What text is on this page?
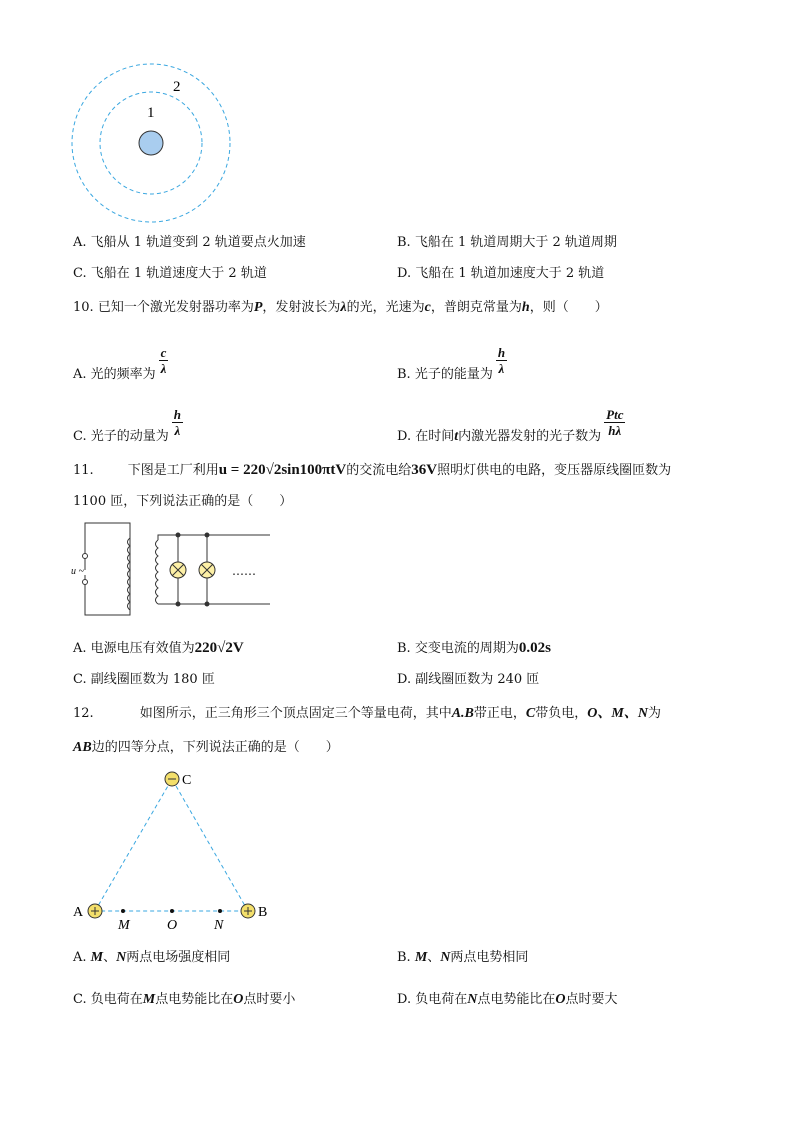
1
2
A. 飞船从 1 轨道变到 2 轨道要点火加速	B. 飞船在 1 轨道周期大于 2 轨道周期
C. 飞船在 1 轨道速度大于 2 轨道	D. 飞船在 1 轨道加速度大于 2 轨道
10. 已知一个激光发射器功率为P，发射波长为λ的光，光速为c，普朗克常量为h，则（　　）
A. 光的频率为 $\frac{c}{\lambda}$	B. 光子的能量为 $\frac{h}{\lambda}$
C. 光子的动量为 $\frac{h}{\lambda}$	D. 在时间t内激光器发射的光子数为 $\frac{\text{Ptc}}{h\lambda}$
11.	下图是工厂利用u = 220√2sin100πtV的交流电给36V照明灯供电的电路，变压器原线圈匝数为
1100 匝，下列说法正确的是（　　）
u ~	……
A. 电源电压有效值为220√2V	B. 交变电流的周期为0.02s
C. 副线圈匝数为 180 匝	D. 副线圈匝数为 240 匝
12.	如图所示，正三角形三个顶点固定三个等量电荷，其中A.B带正电，C带负电，O、M、N为
AB边的四等分点，下列说法正确的是（　　）
C
A	B
M	O	N
A. M、N两点电场强度相同	B. M、N两点电势相同
C. 负电荷在M点电势能比在O点时要小	D. 负电荷在N点电势能比在O点时要大
